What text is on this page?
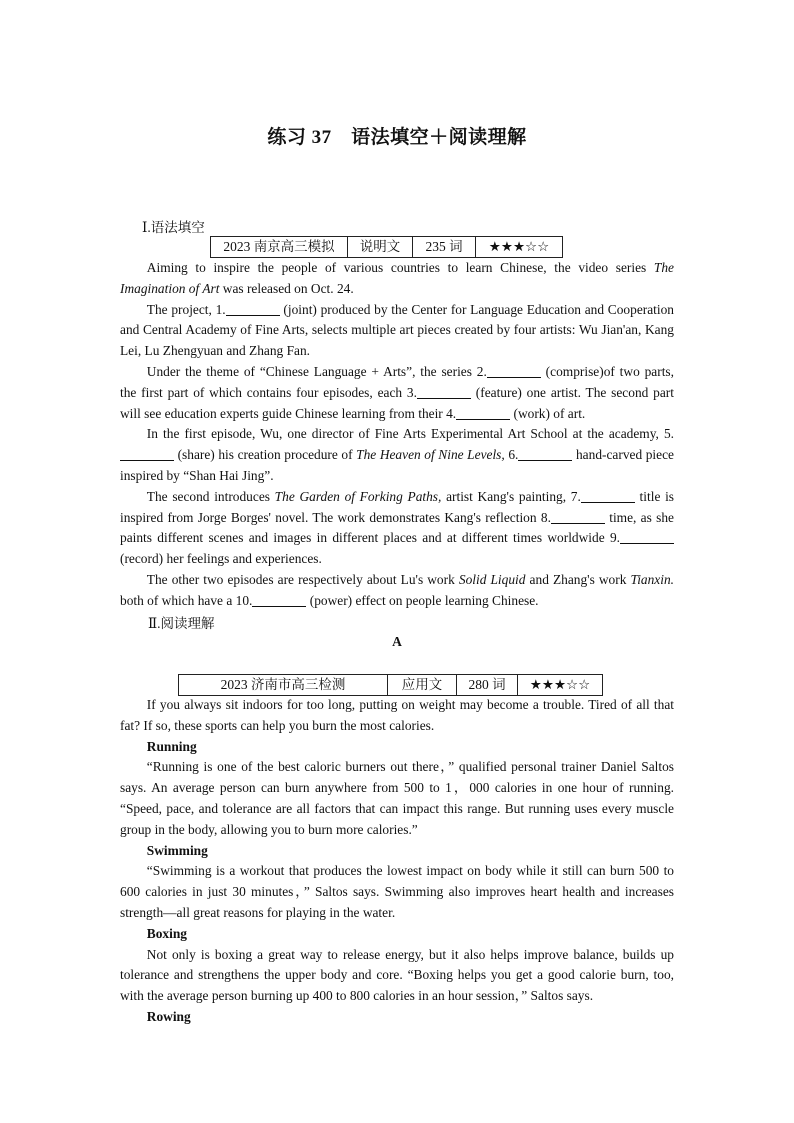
练习 37　语法填空＋阅读理解
Ⅰ.语法填空
2023 南京高三模拟	说明文	235 词	★★★☆☆

Aiming to inspire the people of various countries to learn Chinese, the video series The Imagination of Art was released on Oct. 24.

The project, 1.	(joint) produced by the Center for Language Education and Cooperation and Central Academy of Fine Arts, selects multiple art pieces created by four artists: Wu Jian'an, Kang Lei, Lu Zhengyuan and Zhang Fan.

Under the theme of “Chinese Language + Arts”, the series 2.	(comprise)of two parts, the first part of which contains four episodes, each 3.	(feature) one artist. The second part will see education experts guide Chinese learning from their 4.	(work) of art.

In the first episode, Wu, one director of Fine Arts Experimental Art School at the academy, 5. (share) his creation procedure of The Heaven of Nine Levels, 6.	hand-carved piece inspired by “Shan Hai Jing”.

The second introduces The Garden of Forking Paths, artist Kang's painting, 7.	title is inspired from Jorge Borges' novel. The work demonstrates Kang's reflection 8.	time, as she paints different scenes and images in different places and at different times worldwide 9. (record) her feelings and experiences.

The other two episodes are respectively about Lu's work Solid Liquid and Zhang's work Tianxin. both of which have a 10.	(power) effect on people learning Chinese.

Ⅱ.阅读理解
A
2023 济南市高三检测	应用文	280 词	★★★☆☆

If you always sit indoors for too long, putting on weight may become a trouble. Tired of all that fat? If so, these sports can help you burn the most calories.

Running

“Running is one of the best caloric burners out there，” qualified personal trainer Daniel Saltos says. An average person can burn anywhere from 500 to 1，000 calories in one hour of running. “Speed, pace, and tolerance are all factors that can impact this range. But running uses every muscle group in the body, allowing you to burn more calories.”

Swimming

“Swimming is a workout that produces the lowest impact on body while it still can burn 500 to 600 calories in just 30 minutes，” Saltos says. Swimming also improves heart health and increases strength—all great reasons for playing in the water.

Boxing

Not only is boxing a great way to release energy, but it also helps improve balance, builds up tolerance and strengthens the upper body and core. “Boxing helps you get a good calorie burn, too, with the average person burning up 400 to 800 calories in an hour session，” Saltos says.

Rowing
